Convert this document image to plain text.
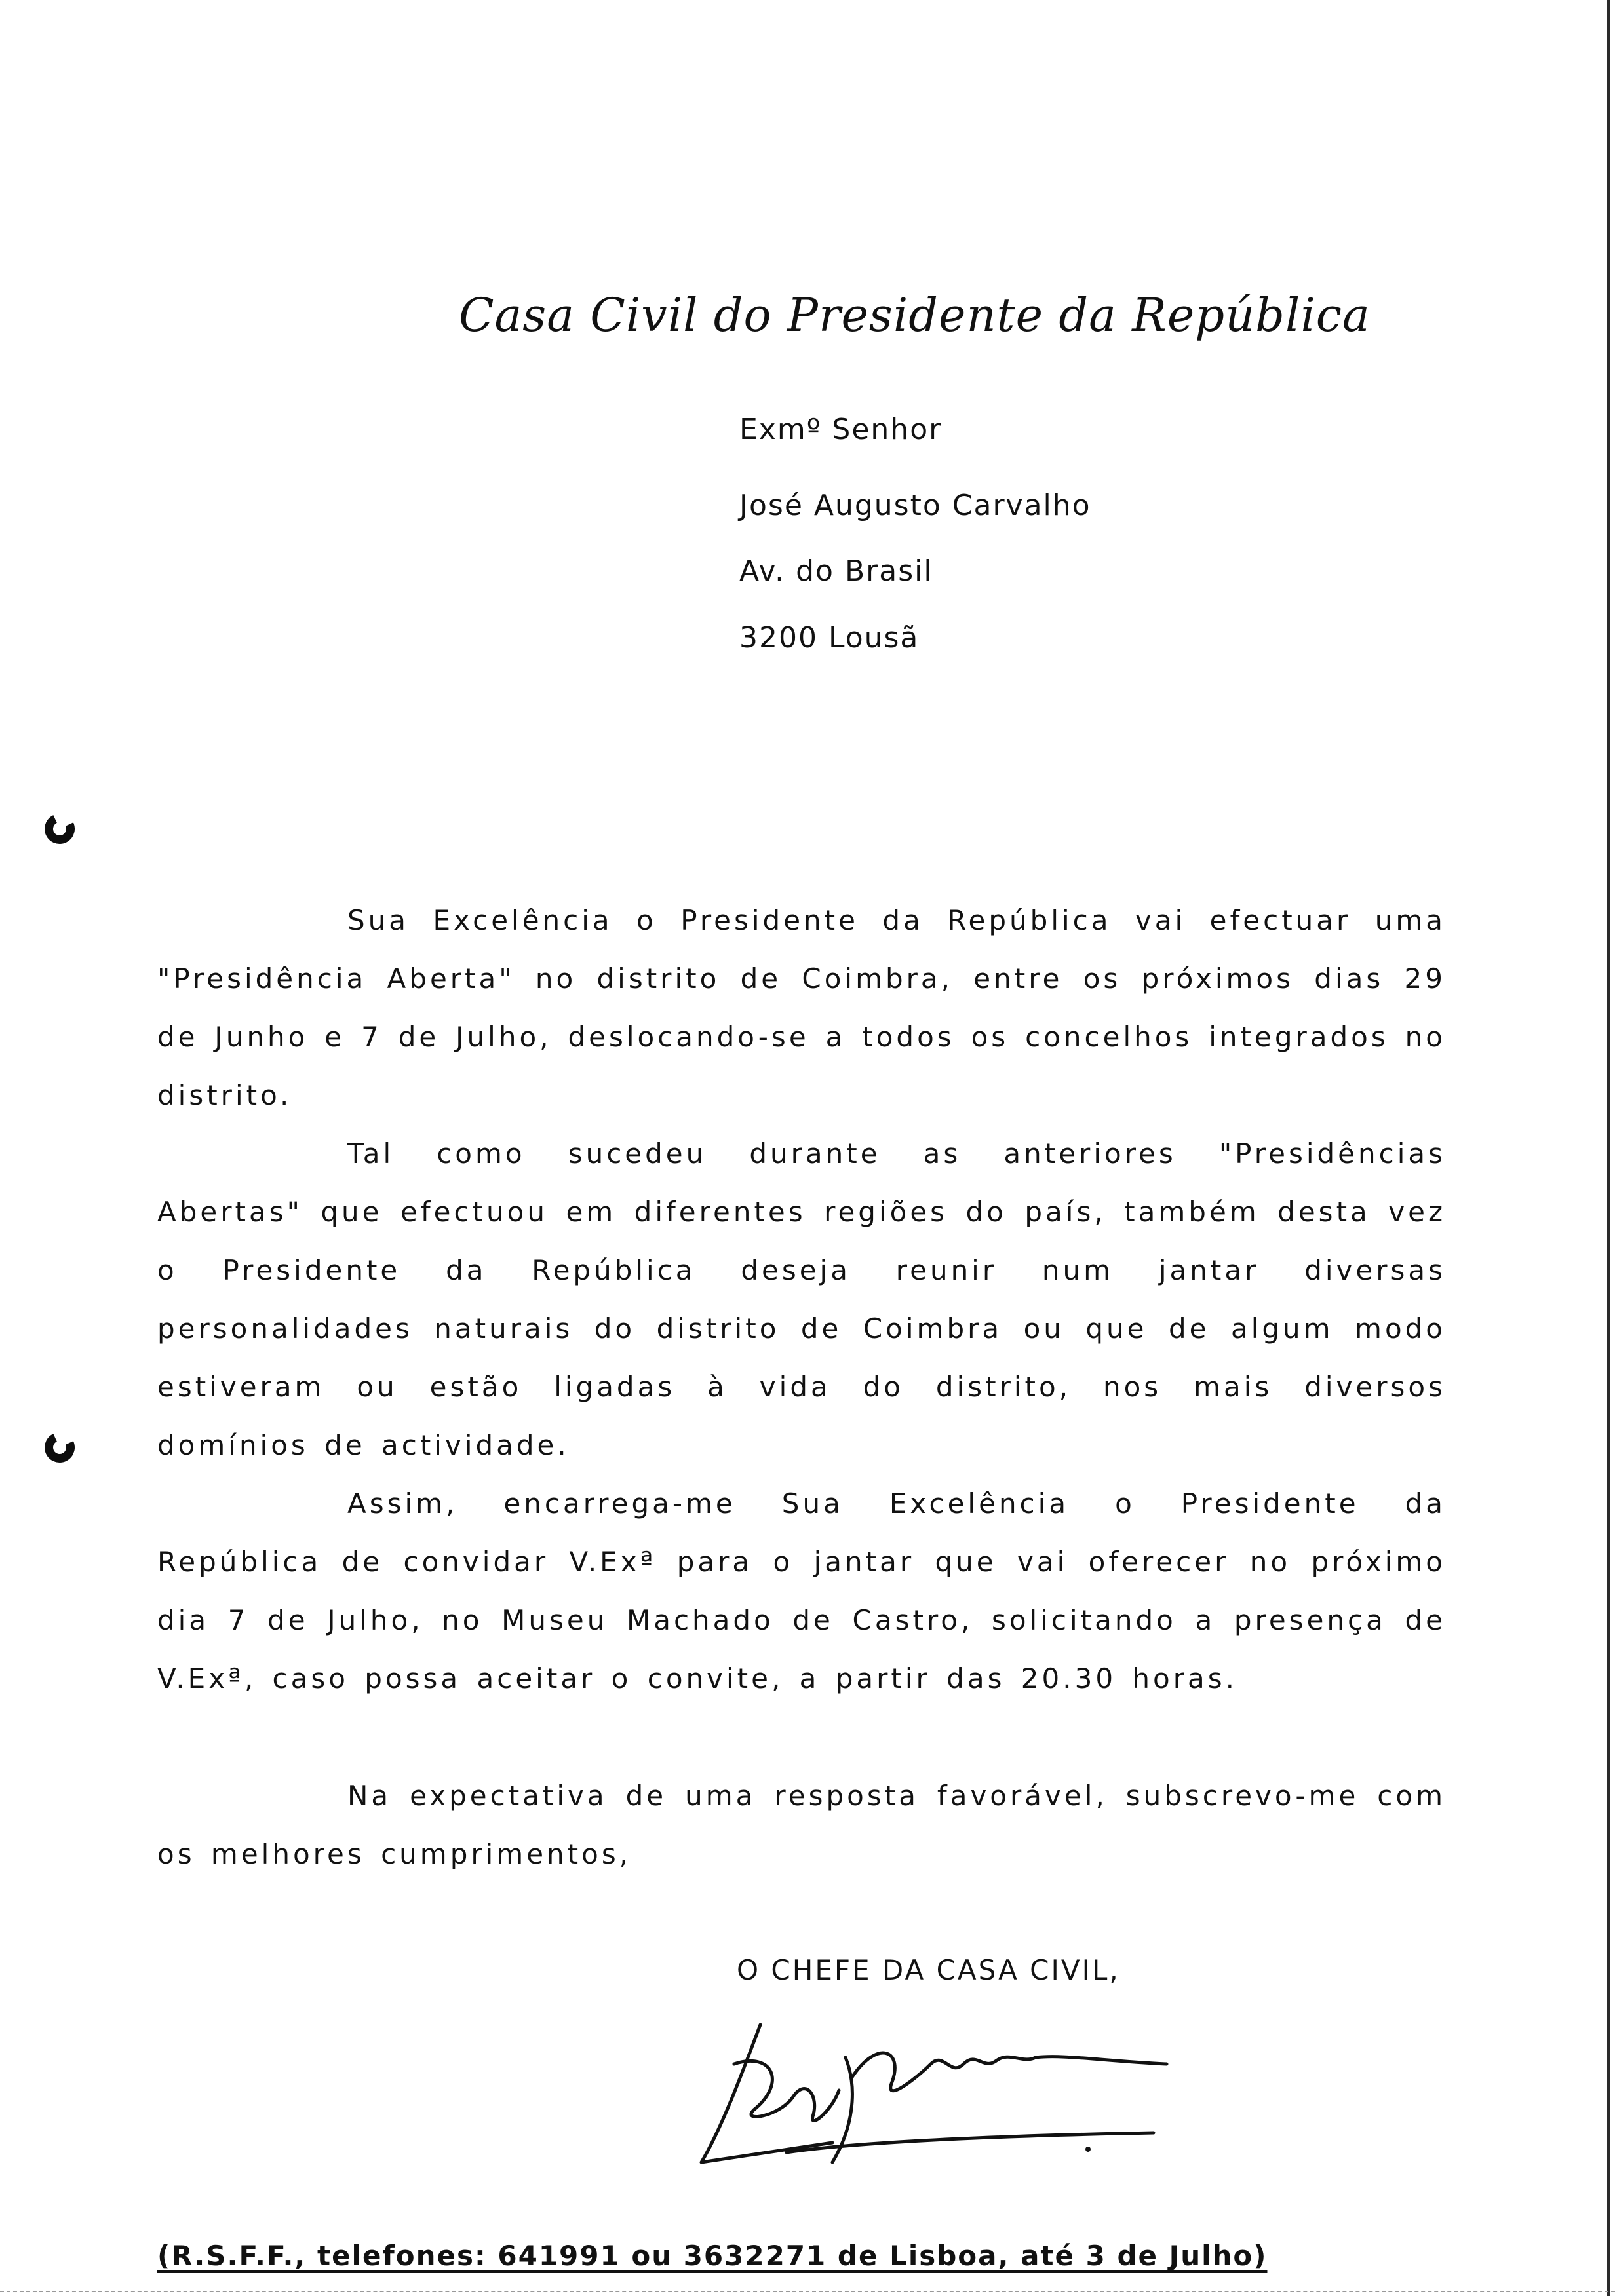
Casa Civil do Presidente da República
Exmº Senhor
José Augusto Carvalho
Av. do Brasil
3200 Lousã
Sua Excelência o Presidente da República vai efectuar uma "Presidência Aberta" no distrito de Coimbra, entre os próximos dias 29 de Junho e 7 de Julho, deslocando-se a todos os concelhos integrados no distrito.
Tal como sucedeu durante as anteriores "Presidências Abertas" que efectuou em diferentes regiões do país, também desta vez o Presidente da República deseja reunir num jantar diversas personalidades naturais do distrito de Coimbra ou que de algum modo estiveram ou estão ligadas à vida do distrito, nos mais diversos domínios de actividade.
Assim, encarrega-me Sua Excelência o Presidente da República de convidar V.Exª para o jantar que vai oferecer no próximo dia 7 de Julho, no Museu Machado de Castro, solicitando a presença de V.Exª, caso possa aceitar o convite, a partir das 20.30 horas.
Na expectativa de uma resposta favorável, subscrevo-me com os melhores cumprimentos,
O CHEFE DA CASA CIVIL,
(R.S.F.F., telefones: 641991 ou 3632271 de Lisboa, até 3 de Julho)
